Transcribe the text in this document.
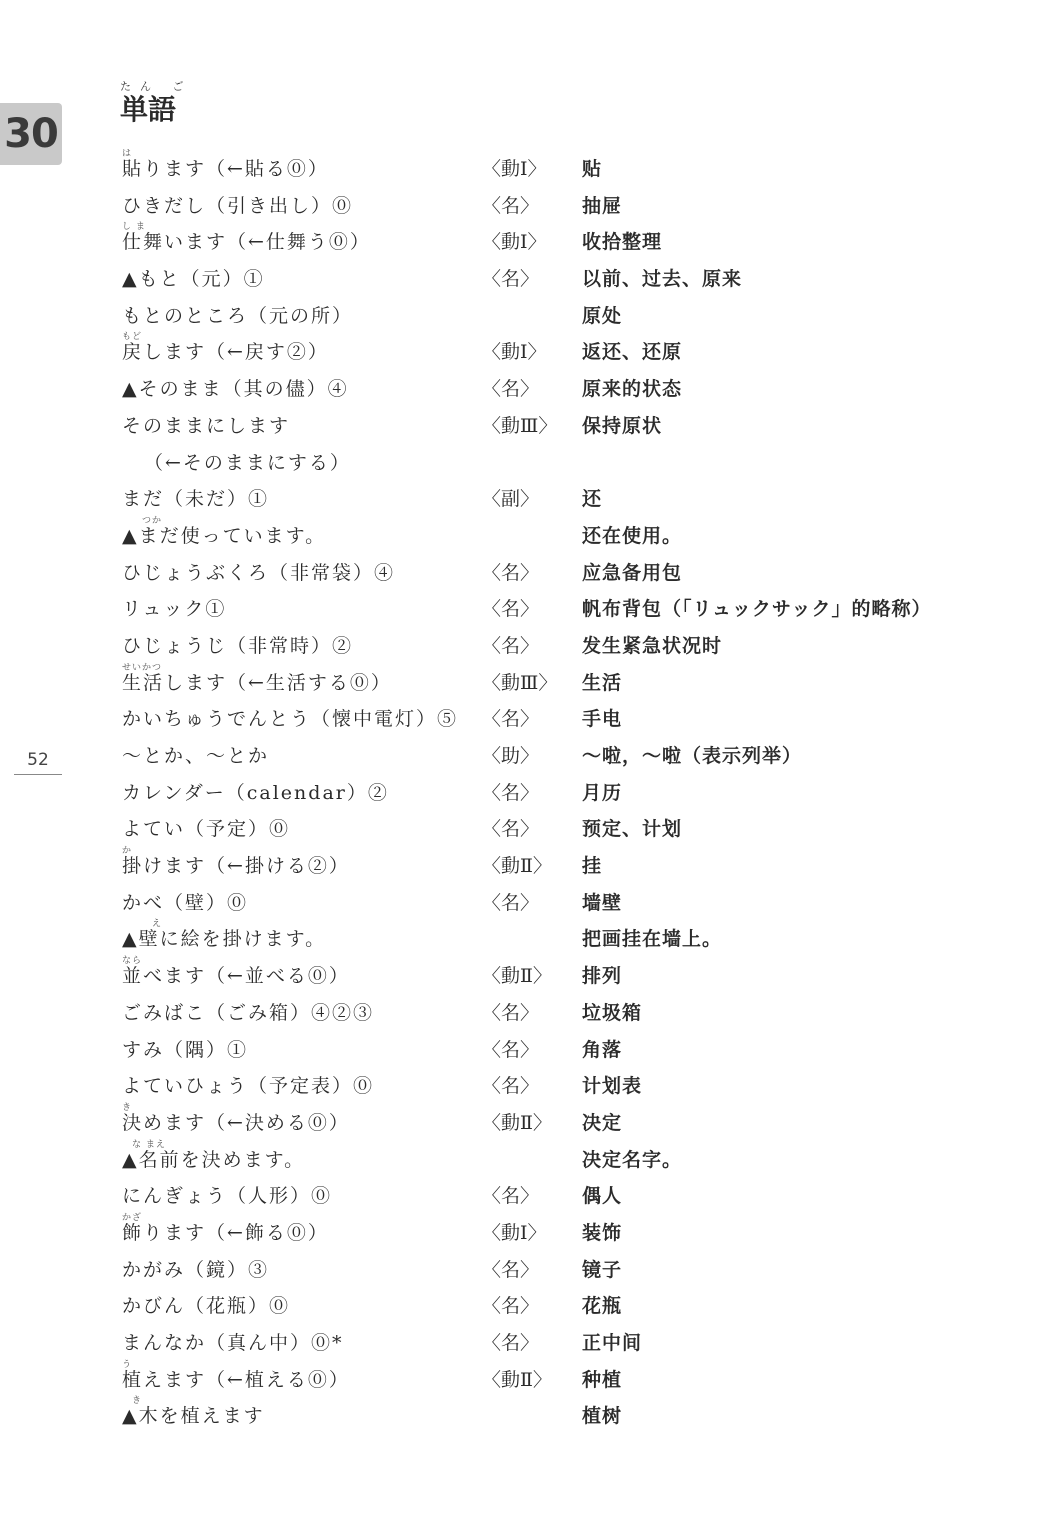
30
たん ご
単語
52
は
貼ります（←貼る⓪）	〈動Ⅰ〉 贴
ひきだし（引き出し）⓪	〈名〉 抽屉
し ま
仕舞います（←仕舞う⓪）	〈動Ⅰ〉 收拾整理
▲もと（元）①	〈名〉 以前、过去、原来
もとのところ（元の所）	原处
もど
戻します（←戻す②）	〈動Ⅰ〉 返还、还原
▲そのまま（其の儘）④	〈名〉 原来的状态
そのままにします	〈動Ⅲ〉 保持原状
（←そのままにする）
まだ（未だ）①	〈副〉 还
　　つか
▲まだ使っています。	还在使用。
ひじょうぶくろ（非常袋）④	〈名〉 应急备用包
リュック①	〈名〉 帆布背包（「リュックサック」的略称）
ひじょうじ（非常時）②	〈名〉 发生紧急状况时
せいかつ
生活します（←生活する⓪）	〈動Ⅲ〉 生活
かいちゅうでんとう（懐中電灯）⑤ 〈名〉 手电
～とか、～とか	〈助〉 ～啦，～啦（表示列举）
カレンダー（calendar）②	〈名〉 月历
よてい（予定）⓪	〈名〉 预定、计划
か
掛けます（←掛ける②）	〈動Ⅱ〉 挂
かべ（壁）⓪	〈名〉 墙壁
　　　え
▲壁に絵を掛けます。	把画挂在墙上。
なら
並べます（←並べる⓪）	〈動Ⅱ〉 排列
ごみばこ（ごみ箱）④②③	〈名〉 垃圾箱
すみ（隅）①	〈名〉 角落
よていひょう（予定表）⓪	〈名〉 计划表
き
決めます（←決める⓪）	〈動Ⅱ〉 决定
　な まえ
▲名前を決めます。	决定名字。
にんぎょう（人形）⓪	〈名〉 偶人
かざ
飾ります（←飾る⓪）	〈動Ⅰ〉 装饰
かがみ（鏡）③	〈名〉 镜子
かびん（花瓶）⓪	〈名〉 花瓶
まんなか（真ん中）⓪*	〈名〉 正中间
う
植えます（←植える⓪）	〈動Ⅱ〉 种植
　き
▲木を植えます	植树
